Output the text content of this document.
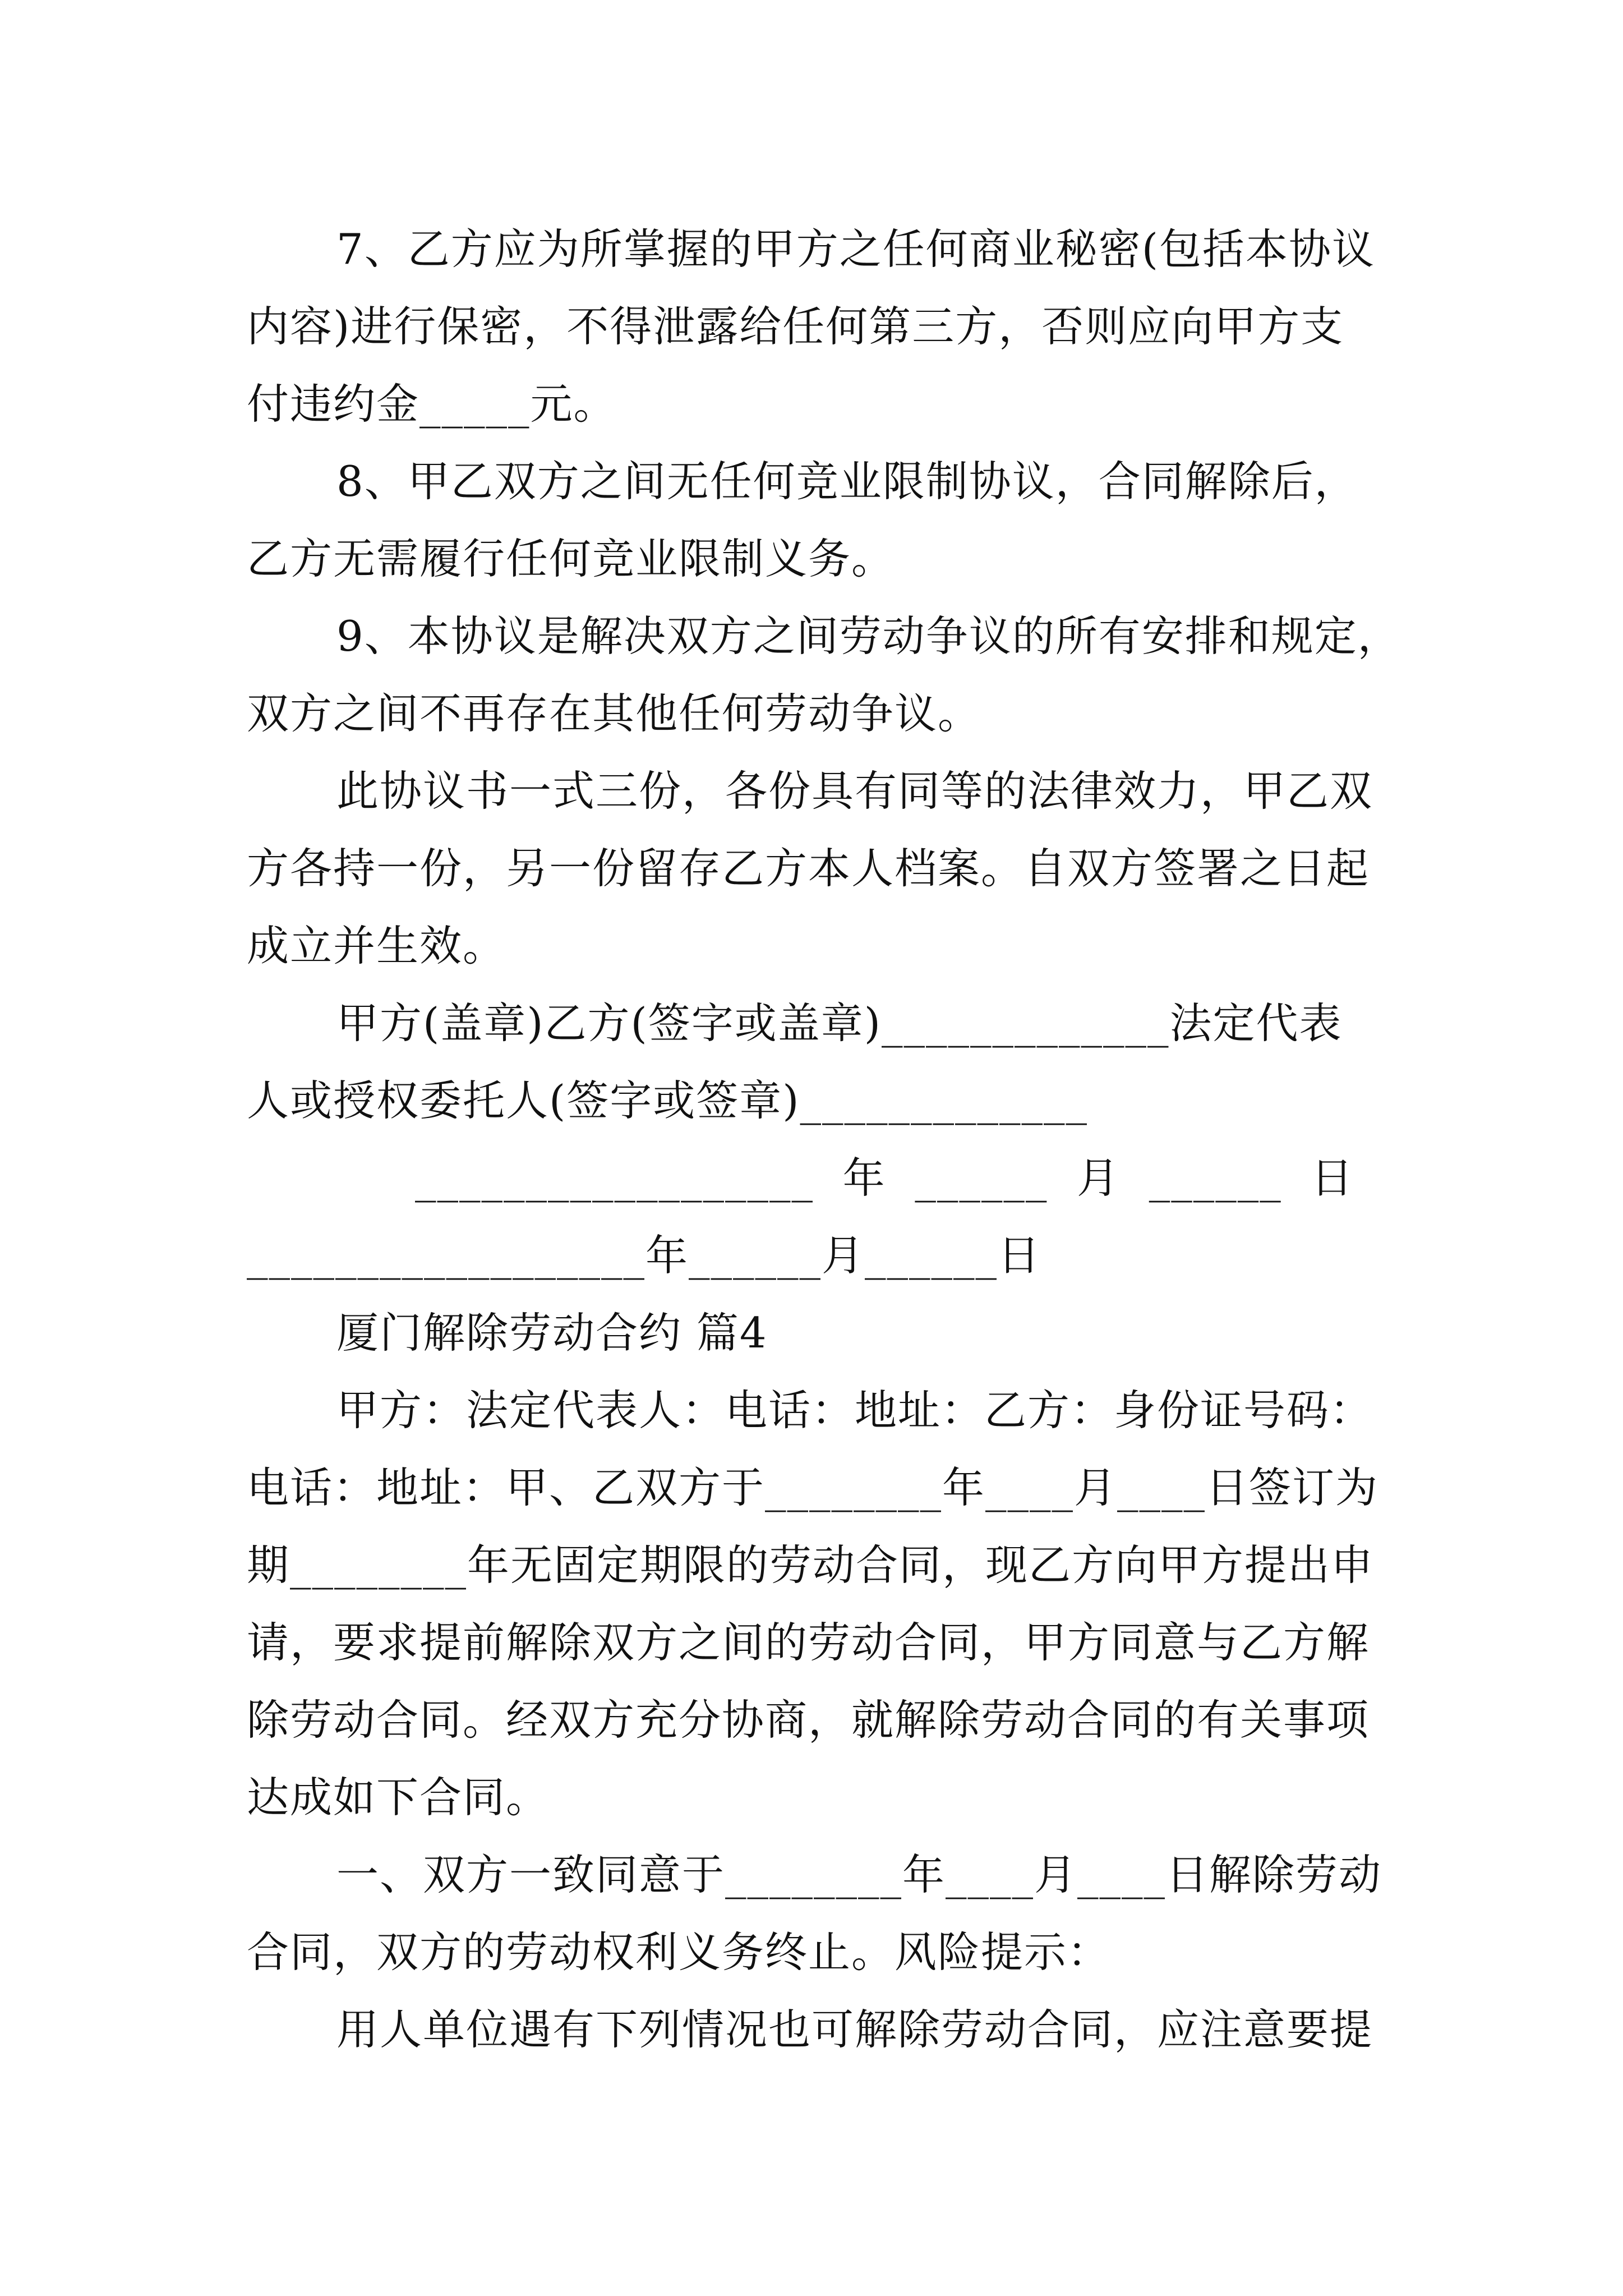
7、乙方应为所掌握的甲方之任何商业秘密(包括本协议
内容)进行保密，不得泄露给任何第三方，否则应向甲方支
付违约金_____元。
8、甲乙双方之间无任何竞业限制协议，合同解除后，
乙方无需履行任何竞业限制义务。
9、本协议是解决双方之间劳动争议的所有安排和规定，
双方之间不再存在其他任何劳动争议。
此协议书一式三份，各份具有同等的法律效力，甲乙双
方各持一份，另一份留存乙方本人档案。自双方签署之日起
成立并生效。
甲方(盖章)乙方(签字或盖章)_____________法定代表
人或授权委托人(签字或签章)_____________
__________________  年  ______  月  ______  日
__________________年______月______日
厦门解除劳动合约 篇4
甲方：法定代表人：电话：地址：乙方：身份证号码：
电话：地址：甲、乙双方于________年____月____日签订为
期________年无固定期限的劳动合同，现乙方向甲方提出申
请，要求提前解除双方之间的劳动合同，甲方同意与乙方解
除劳动合同。经双方充分协商，就解除劳动合同的有关事项
达成如下合同。
一、双方一致同意于________年____月____日解除劳动
合同，双方的劳动权利义务终止。风险提示：
用人单位遇有下列情况也可解除劳动合同，应注意要提
